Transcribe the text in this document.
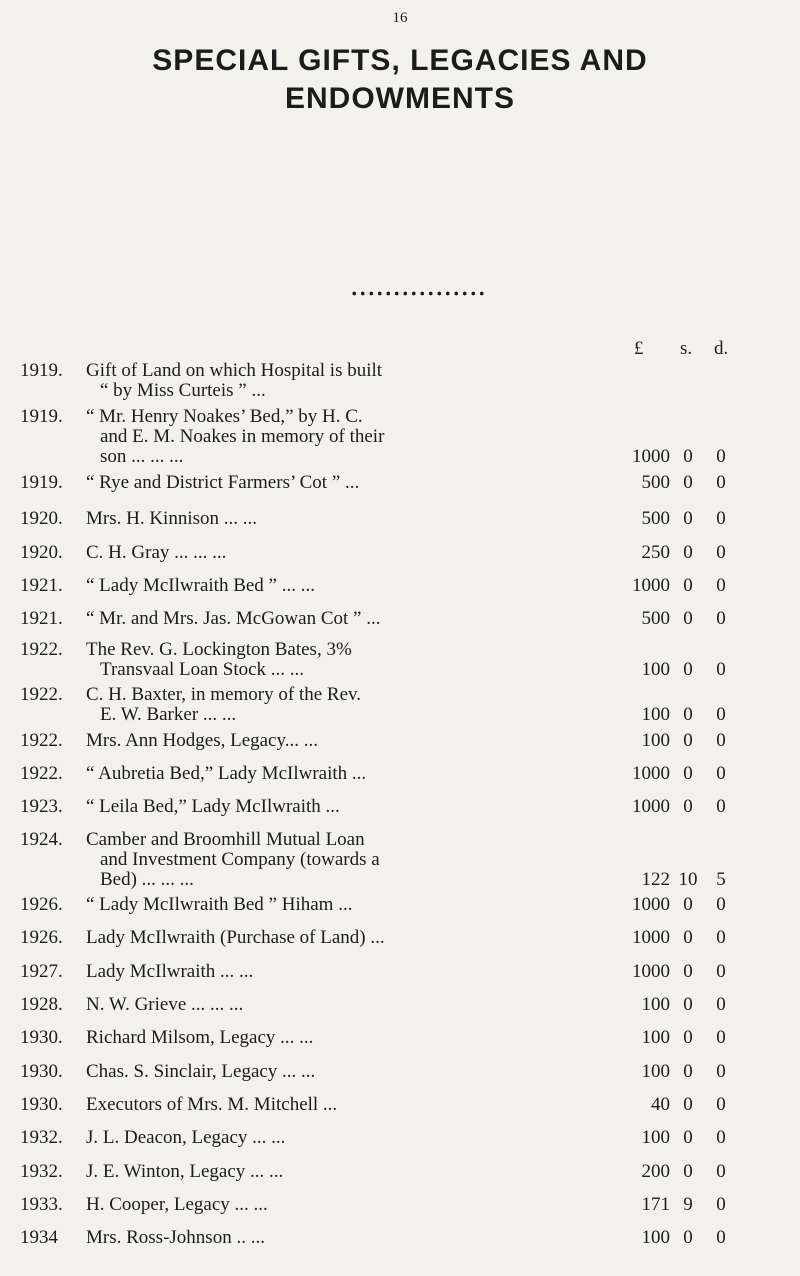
16
SPECIAL GIFTS, LEGACIES AND
ENDOWMENTS
£ s. d.
1919.	Gift of Land on which Hospital is built
“ by Miss Curteis ” ...
1919.	“ Mr. Henry Noakes’ Bed,” by H. C.
and E. M. Noakes in memory of their
son ... ... ...	1000 0	0
1919.	“ Rye and District Farmers’ Cot ” ...	500 0	0
1920.	Mrs. H. Kinnison ... ...	500 0	0
1920.	C. H. Gray ... ... ...	250 0	0
1921.	“ Lady McIlwraith Bed ” ... ...	1000 0	0
1921.	“ Mr. and Mrs. Jas. McGowan Cot ” ...	500 0	0
1922.	The Rev. G. Lockington Bates, 3%
Transvaal Loan Stock ... ...	100 0	0
1922.	C. H. Baxter, in memory of the Rev.
E. W. Barker ... ...	100 0	0
1922.	Mrs. Ann Hodges, Legacy... ...	100 0	0
1922.	“ Aubretia Bed,” Lady McIlwraith ...	1000 0	0
1923.	“ Leila Bed,” Lady McIlwraith ...	1000 0	0
1924.	Camber and Broomhill Mutual Loan
and Investment Company (towards a
Bed) ... ... ...	122 10 5
1926.	“ Lady McIlwraith Bed ” Hiham ...	1000 0	0
1926.	Lady McIlwraith (Purchase of Land) ...	1000 0	0
1927.	Lady McIlwraith ... ...	1000 0	0
1928.	N. W. Grieve ... ... ...	100 0	0
1930.	Richard Milsom, Legacy ... ...	100 0	0
1930.	Chas. S. Sinclair, Legacy ... ...	100 0	0
1930.	Executors of Mrs. M. Mitchell ...	40 0	0
1932.	J. L. Deacon, Legacy ... ...	100 0	0
1932.	J. E. Winton, Legacy ... ...	200 0	0
1933.	H. Cooper, Legacy ... ...	171 9	0
1934	Mrs. Ross-Johnson .. ...	100 0	0
